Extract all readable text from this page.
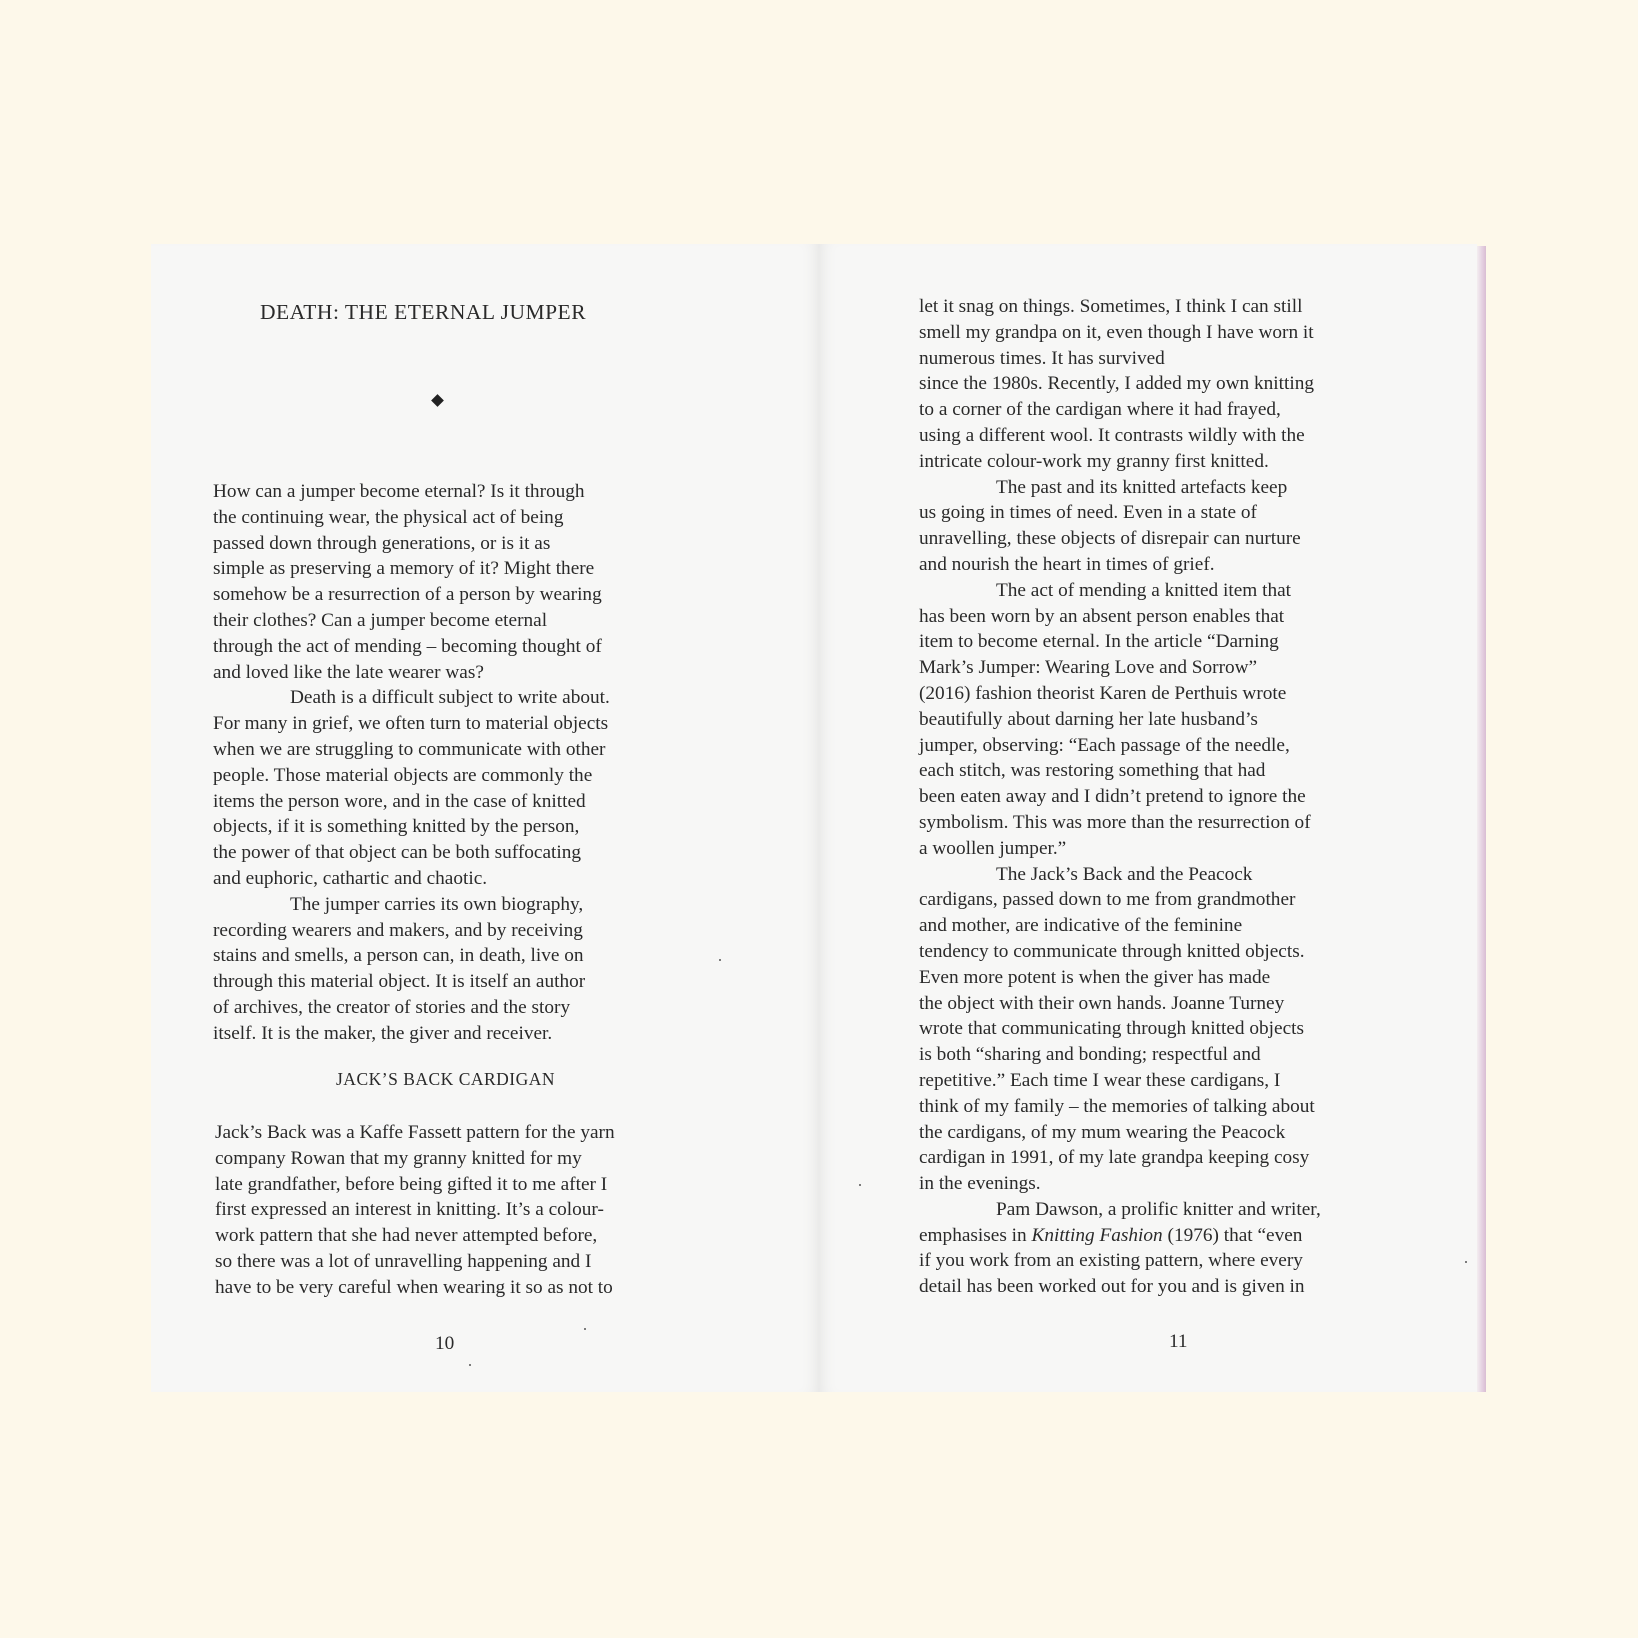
DEATH: THE ETERNAL JUMPER

How can a jumper become eternal? Is it through

the continuing wear, the physical act of being

passed down through generations, or is it as

simple as preserving a memory of it? Might there

somehow be a resurrection of a person by wearing

their clothes? Can a jumper become eternal

through the act of mending – becoming thought of

and loved like the late wearer was?

Death is a difficult subject to write about.

For many in grief, we often turn to material objects

when we are struggling to communicate with other

people. Those material objects are commonly the

items the person wore, and in the case of knitted

objects, if it is something knitted by the person,

the power of that object can be both suffocating

and euphoric, cathartic and chaotic.

The jumper carries its own biography,

recording wearers and makers, and by receiving

stains and smells, a person can, in death, live on

through this material object. It is itself an author

of archives, the creator of stories and the story

itself. It is the maker, the giver and receiver.

JACK’S BACK CARDIGAN

Jack’s Back was a Kaffe Fassett pattern for the yarn

company Rowan that my granny knitted for my

late grandfather, before being gifted it to me after I

first expressed an interest in knitting. It’s a colour-

work pattern that she had never attempted before,

so there was a lot of unravelling happening and I

have to be very careful when wearing it so as not to

10

let it snag on things. Sometimes, I think I can still

smell my grandpa on it, even though I have worn it

numerous times. It has survived

since the 1980s. Recently, I added my own knitting

to a corner of the cardigan where it had frayed,

using a different wool. It contrasts wildly with the

intricate colour-work my granny first knitted.

The past and its knitted artefacts keep

us going in times of need. Even in a state of

unravelling, these objects of disrepair can nurture

and nourish the heart in times of grief.

The act of mending a knitted item that

has been worn by an absent person enables that

item to become eternal. In the article “Darning

Mark’s Jumper: Wearing Love and Sorrow”

(2016) fashion theorist Karen de Perthuis wrote

beautifully about darning her late husband’s

jumper, observing: “Each passage of the needle,

each stitch, was restoring something that had

been eaten away and I didn’t pretend to ignore the

symbolism. This was more than the resurrection of

a woollen jumper.”

The Jack’s Back and the Peacock

cardigans, passed down to me from grandmother

and mother, are indicative of the feminine

tendency to communicate through knitted objects.

Even more potent is when the giver has made

the object with their own hands. Joanne Turney

wrote that communicating through knitted objects

is both “sharing and bonding; respectful and

repetitive.” Each time I wear these cardigans, I

think of my family – the memories of talking about

the cardigans, of my mum wearing the Peacock

cardigan in 1991, of my late grandpa keeping cosy

in the evenings.

Pam Dawson, a prolific knitter and writer,

emphasises in Knitting Fashion (1976) that “even

if you work from an existing pattern, where every

detail has been worked out for you and is given in

11
